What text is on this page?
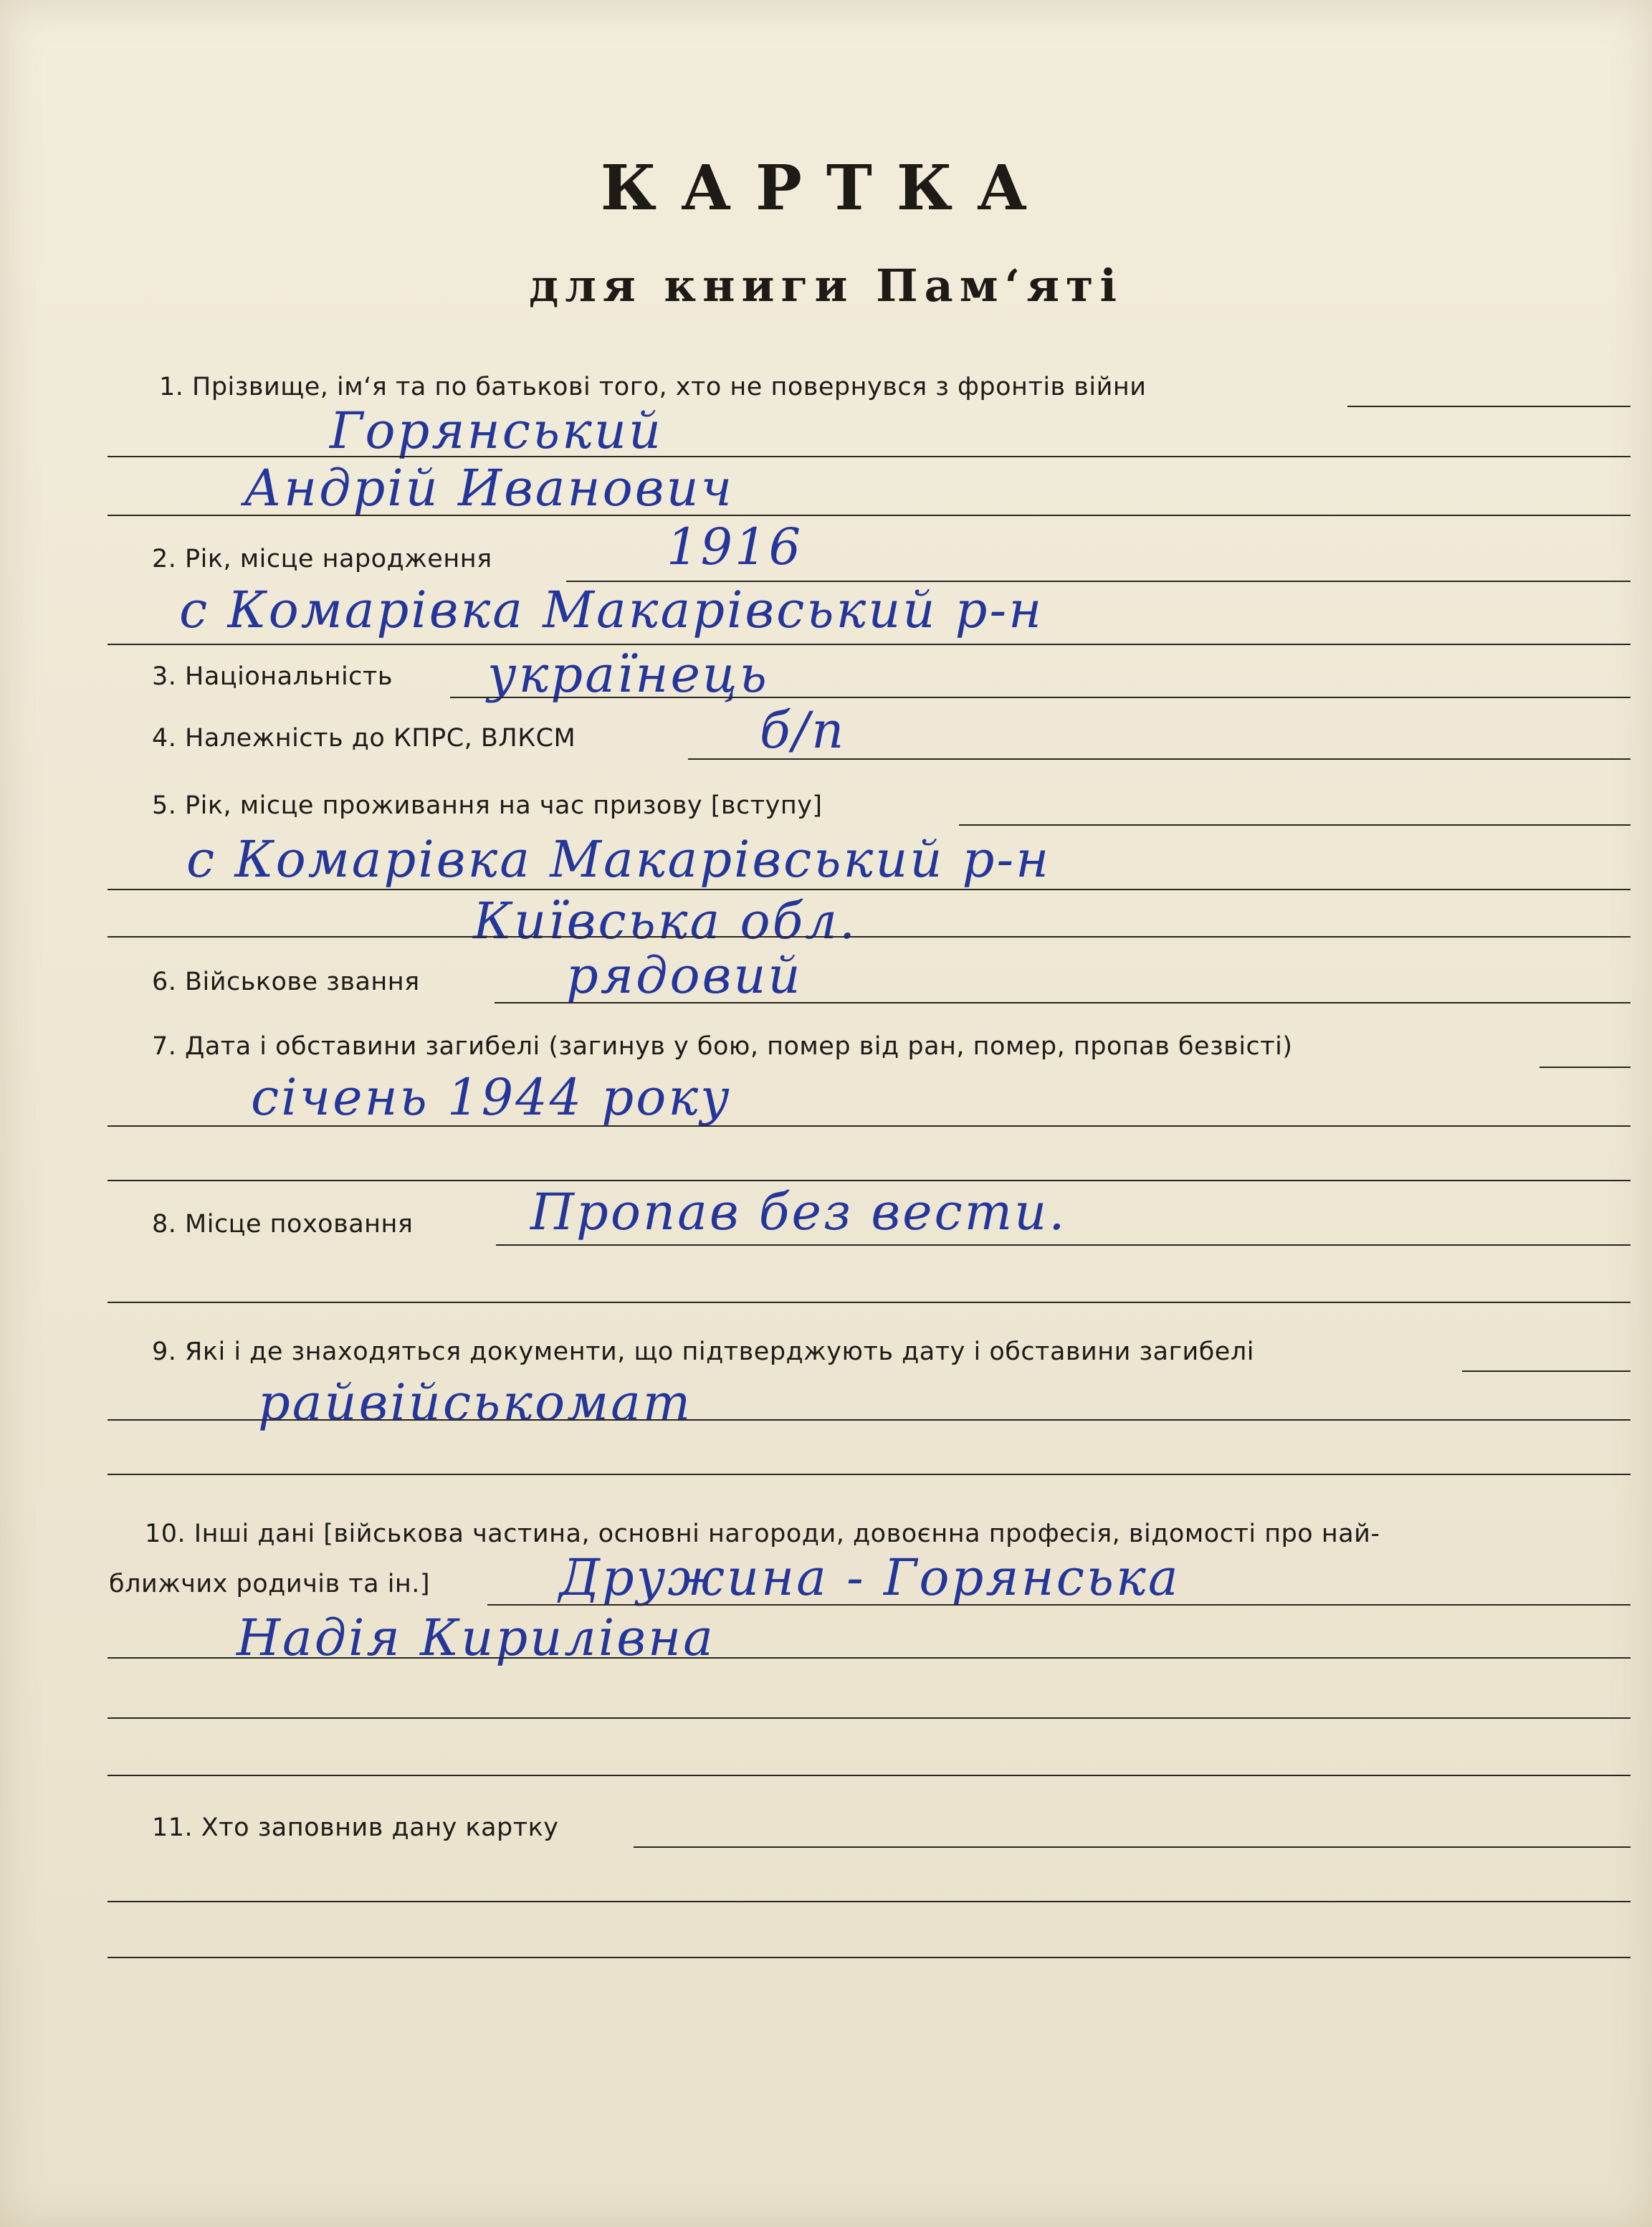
КАРТКА
для книги Пам‘яті
1. Прізвище, ім‘я та по батькові того, хто не повернувся з фронтів війни
Горянський
Андрій Иванович
2. Рік, місце народження	1916
с Комарівка Макарівський р-н
3. Національність українець
4. Належність до КПРС, ВЛКСМ	б/п
5. Рік, місце проживання на час призову [вступу]
с Комарівка Макарівський р-н
Київська обл.
6. Військове звання	рядовий
7. Дата і обставини загибелі (загинув у бою, помер від ран, помер, пропав безвісті)
січень 1944 року
8. Місце поховання Пропав без вести.
9. Які і де знаходяться документи, що підтверджують дату і обставини загибелі
райвійськомат
10. Інші дані [військова частина, основні нагороди, довоєнна професія, відомості про най-
ближчих родичів та ін.]	Дружина - Горянська
Надія Кирилівна
11. Хто заповнив дану картку
